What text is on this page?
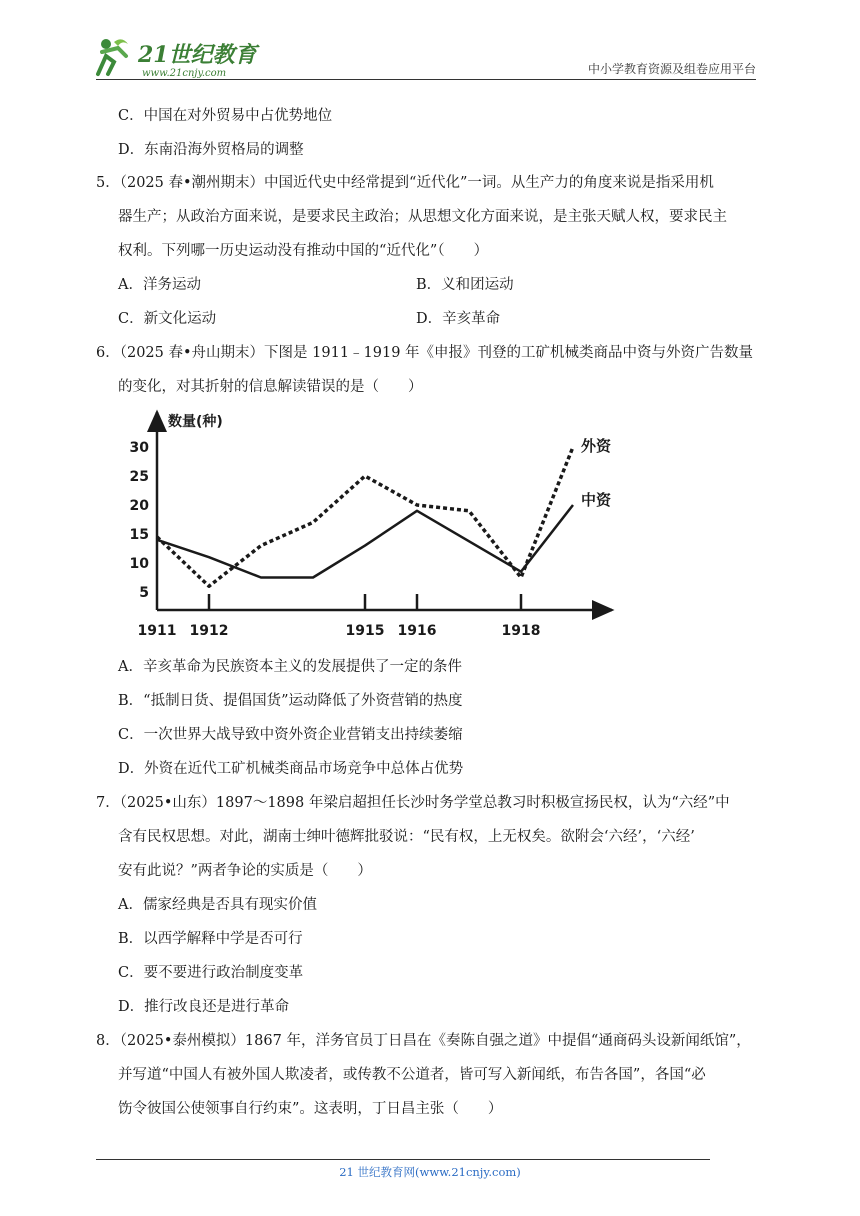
21世纪教育
www.21cnjy.com	中小学教育资源及组卷应用平台
C．中国在对外贸易中占优势地位
D．东南沿海外贸格局的调整
5．（2025 春•潮州期末）中国近代史中经常提到“近代化”一词。从生产力的角度来说是指采用机
器生产；从政治方面来说，是要求民主政治；从思想文化方面来说，是主张天赋人权，要求民主
权利。下列哪一历史运动没有推动中国的“近代化”（　　）
A．洋务运动	B．义和团运动
C．新文化运动	D．辛亥革命
6．（2025 春•舟山期末）下图是 1911﹣1919 年《申报》刊登的工矿机械类商品中资与外资广告数量
的变化，对其折射的信息解读错误的是（　　）
数量(种)
5
10
15
20
25
30
1911 1912	1915 1916	1918
外资
中资
A．辛亥革命为民族资本主义的发展提供了一定的条件
B．“抵制日货、提倡国货”运动降低了外资营销的热度
C．一次世界大战导致中资外资企业营销支出持续萎缩
D．外资在近代工矿机械类商品市场竞争中总体占优势
7．（2025•山东）1897～1898 年梁启超担任长沙时务学堂总教习时积极宣扬民权，认为“六经”中
含有民权思想。对此，湖南士绅叶德辉批驳说：“民有权，上无权矣。欲附会‘六经’，‘六经’
安有此说？”两者争论的实质是（　　）
A．儒家经典是否具有现实价值
B．以西学解释中学是否可行
C．要不要进行政治制度变革
D．推行改良还是进行革命
8．（2025•泰州模拟）1867 年，洋务官员丁日昌在《奏陈自强之道》中提倡“通商码头设新闻纸馆”，
并写道“中国人有被外国人欺凌者，或传教不公道者，皆可写入新闻纸，布告各国”，各国“必
饬令彼国公使领事自行约束”。这表明，丁日昌主张（　　）
21 世纪教育网(www.21cnjy.com)
